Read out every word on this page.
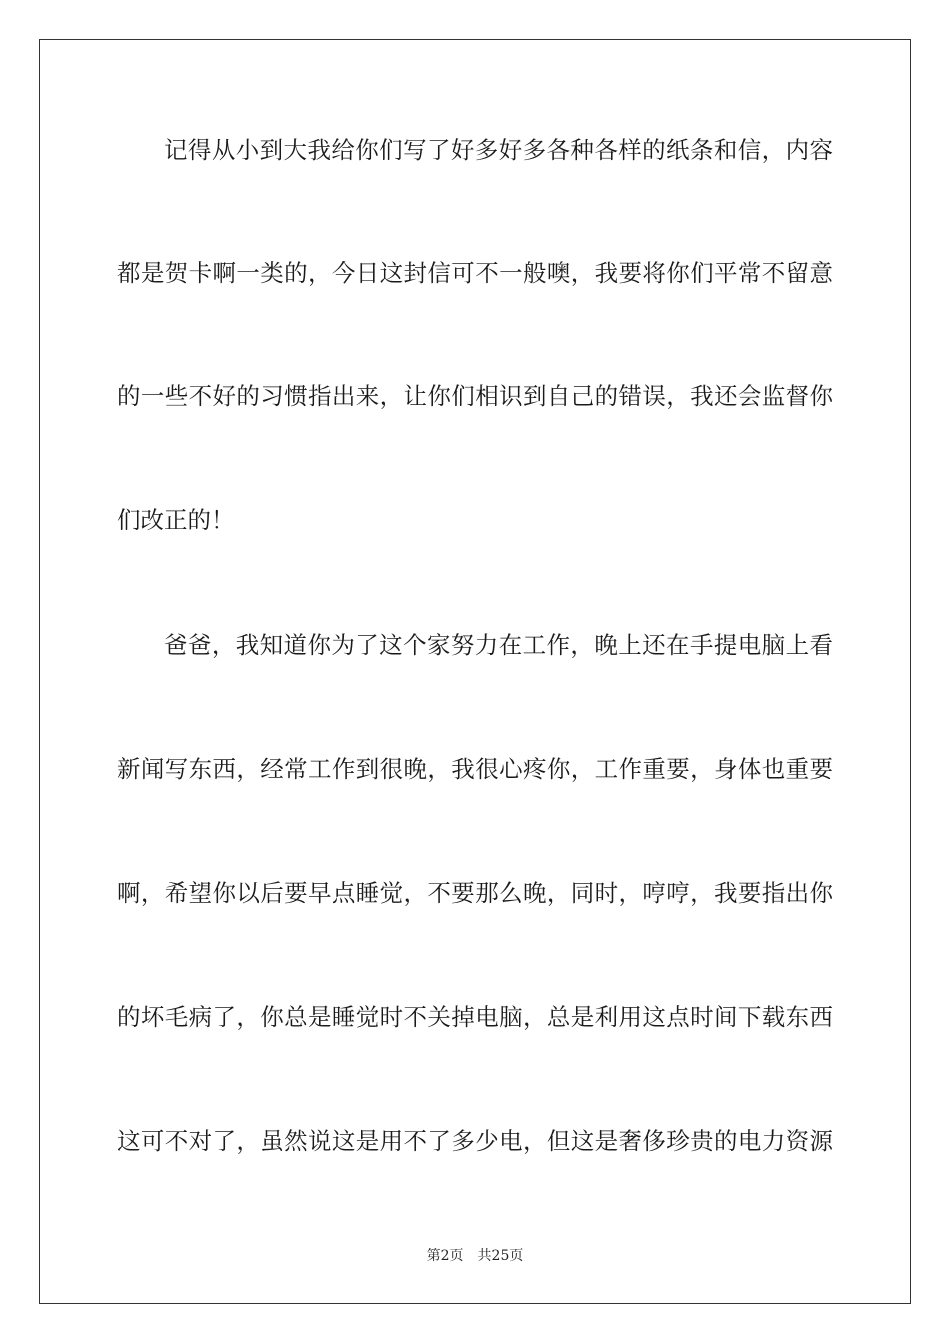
记得从小到大我给你们写了好多好多各种各样的纸条和信，内容
都是贺卡啊一类的，今日这封信可不一般噢，我要将你们平常不留意
的一些不好的习惯指出来，让你们相识到自己的错误，我还会监督你
们改正的！
爸爸，我知道你为了这个家努力在工作，晚上还在手提电脑上看
新闻写东西，经常工作到很晚，我很心疼你，工作重要，身体也重要
啊，希望你以后要早点睡觉，不要那么晚，同时，哼哼，我要指出你
的坏毛病了，你总是睡觉时不关掉电脑，总是利用这点时间下载东西
这可不对了，虽然说这是用不了多少电，但这是奢侈珍贵的电力资源
第2页 共25页
